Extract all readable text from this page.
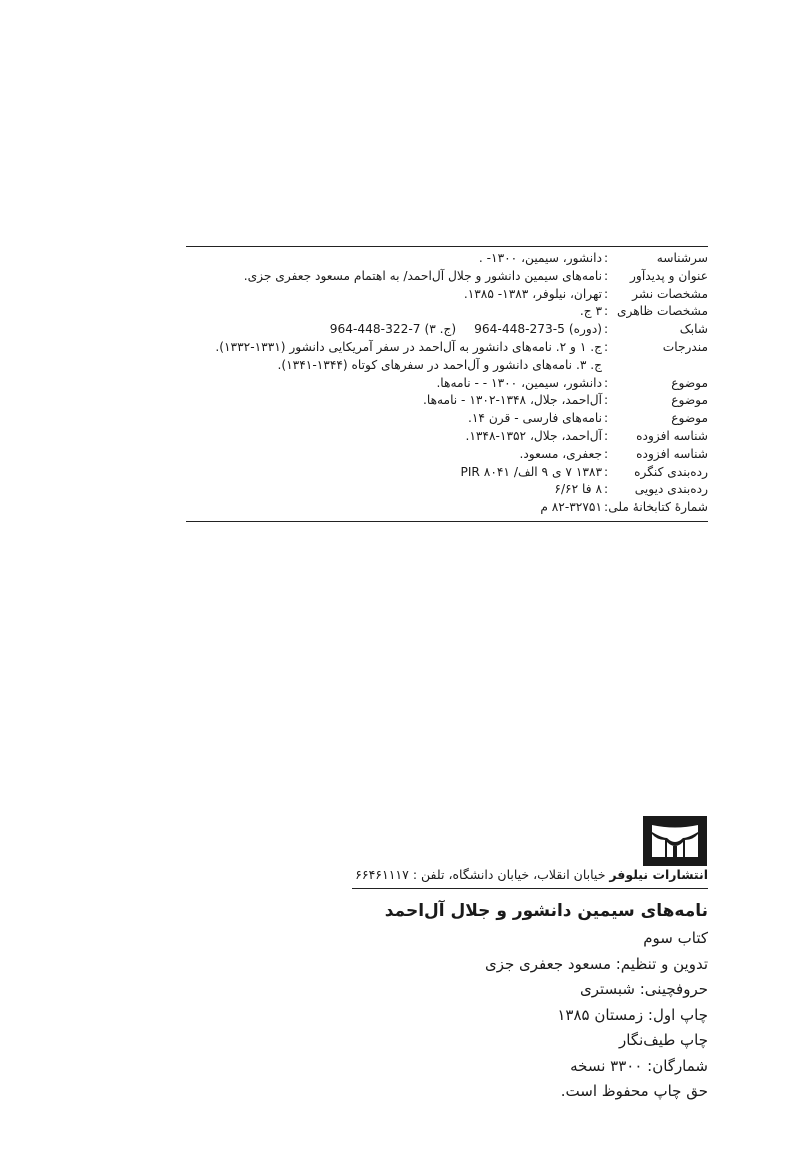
سرشناسه
:
دانشور، سیمین، ۱۳۰۰- .
عنوان و پدیدآور
:
نامه‌های سیمین دانشور و جلال آل‌احمد/ به اهتمام مسعود جعفری جزی.
مشخصات نشر
:
تهران، نیلوفر، ۱۳۸۳- ۱۳۸۵.
مشخصات ظاهری
:
۳ ج.
شابک
:
(دوره)964-448-273-5(ج. ۳)964-448-322-7
مندرجات
:
ج. ۱ و ۲. نامه‌های دانشور به آل‌احمد در سفر آمریکایی دانشور (۱۳۳۱-۱۳۳۲).
ج. ۳. نامه‌های دانشور و آل‌احمد در سفرهای کوتاه (۱۳۴۴-۱۳۴۱).
موضوع
:
دانشور، سیمین، ۱۳۰۰ - - نامه‌ها.
موضوع
:
آل‌احمد، جلال، ۱۳۴۸-۱۳۰۲ - نامه‌ها.
موضوع
:
نامه‌های فارسی - قرن ۱۴.
شناسه افزوده
:
آل‌احمد، جلال، ۱۳۵۲-۱۳۴۸.
شناسه افزوده
:
جعفری، مسعود.
رده‌بندی کنگره
:
۱۳۸۳ ۷ ی ۹ الف/ PIR ۸۰۴۱
رده‌بندی دیویی
:
۸ فا ۶/۶۲
شمارهٔ کتابخانهٔ ملی
:
۸۲-۳۲۷۵۱ م
انتشارات نیلوفر خیابان انقلاب، خیابان دانشگاه، تلفن : ۶۶۴۶۱۱۱۷
نامه‌های سیمین دانشور و جلال آل‌احمد
کتاب سوم
تدوین و تنظیم: مسعود جعفری جزی
حروفچینی: شبستری
چاپ اول: زمستان ۱۳۸۵
چاپ طیف‌نگار
شمارگان: ۳۳۰۰ نسخه
حق چاپ محفوظ است.
